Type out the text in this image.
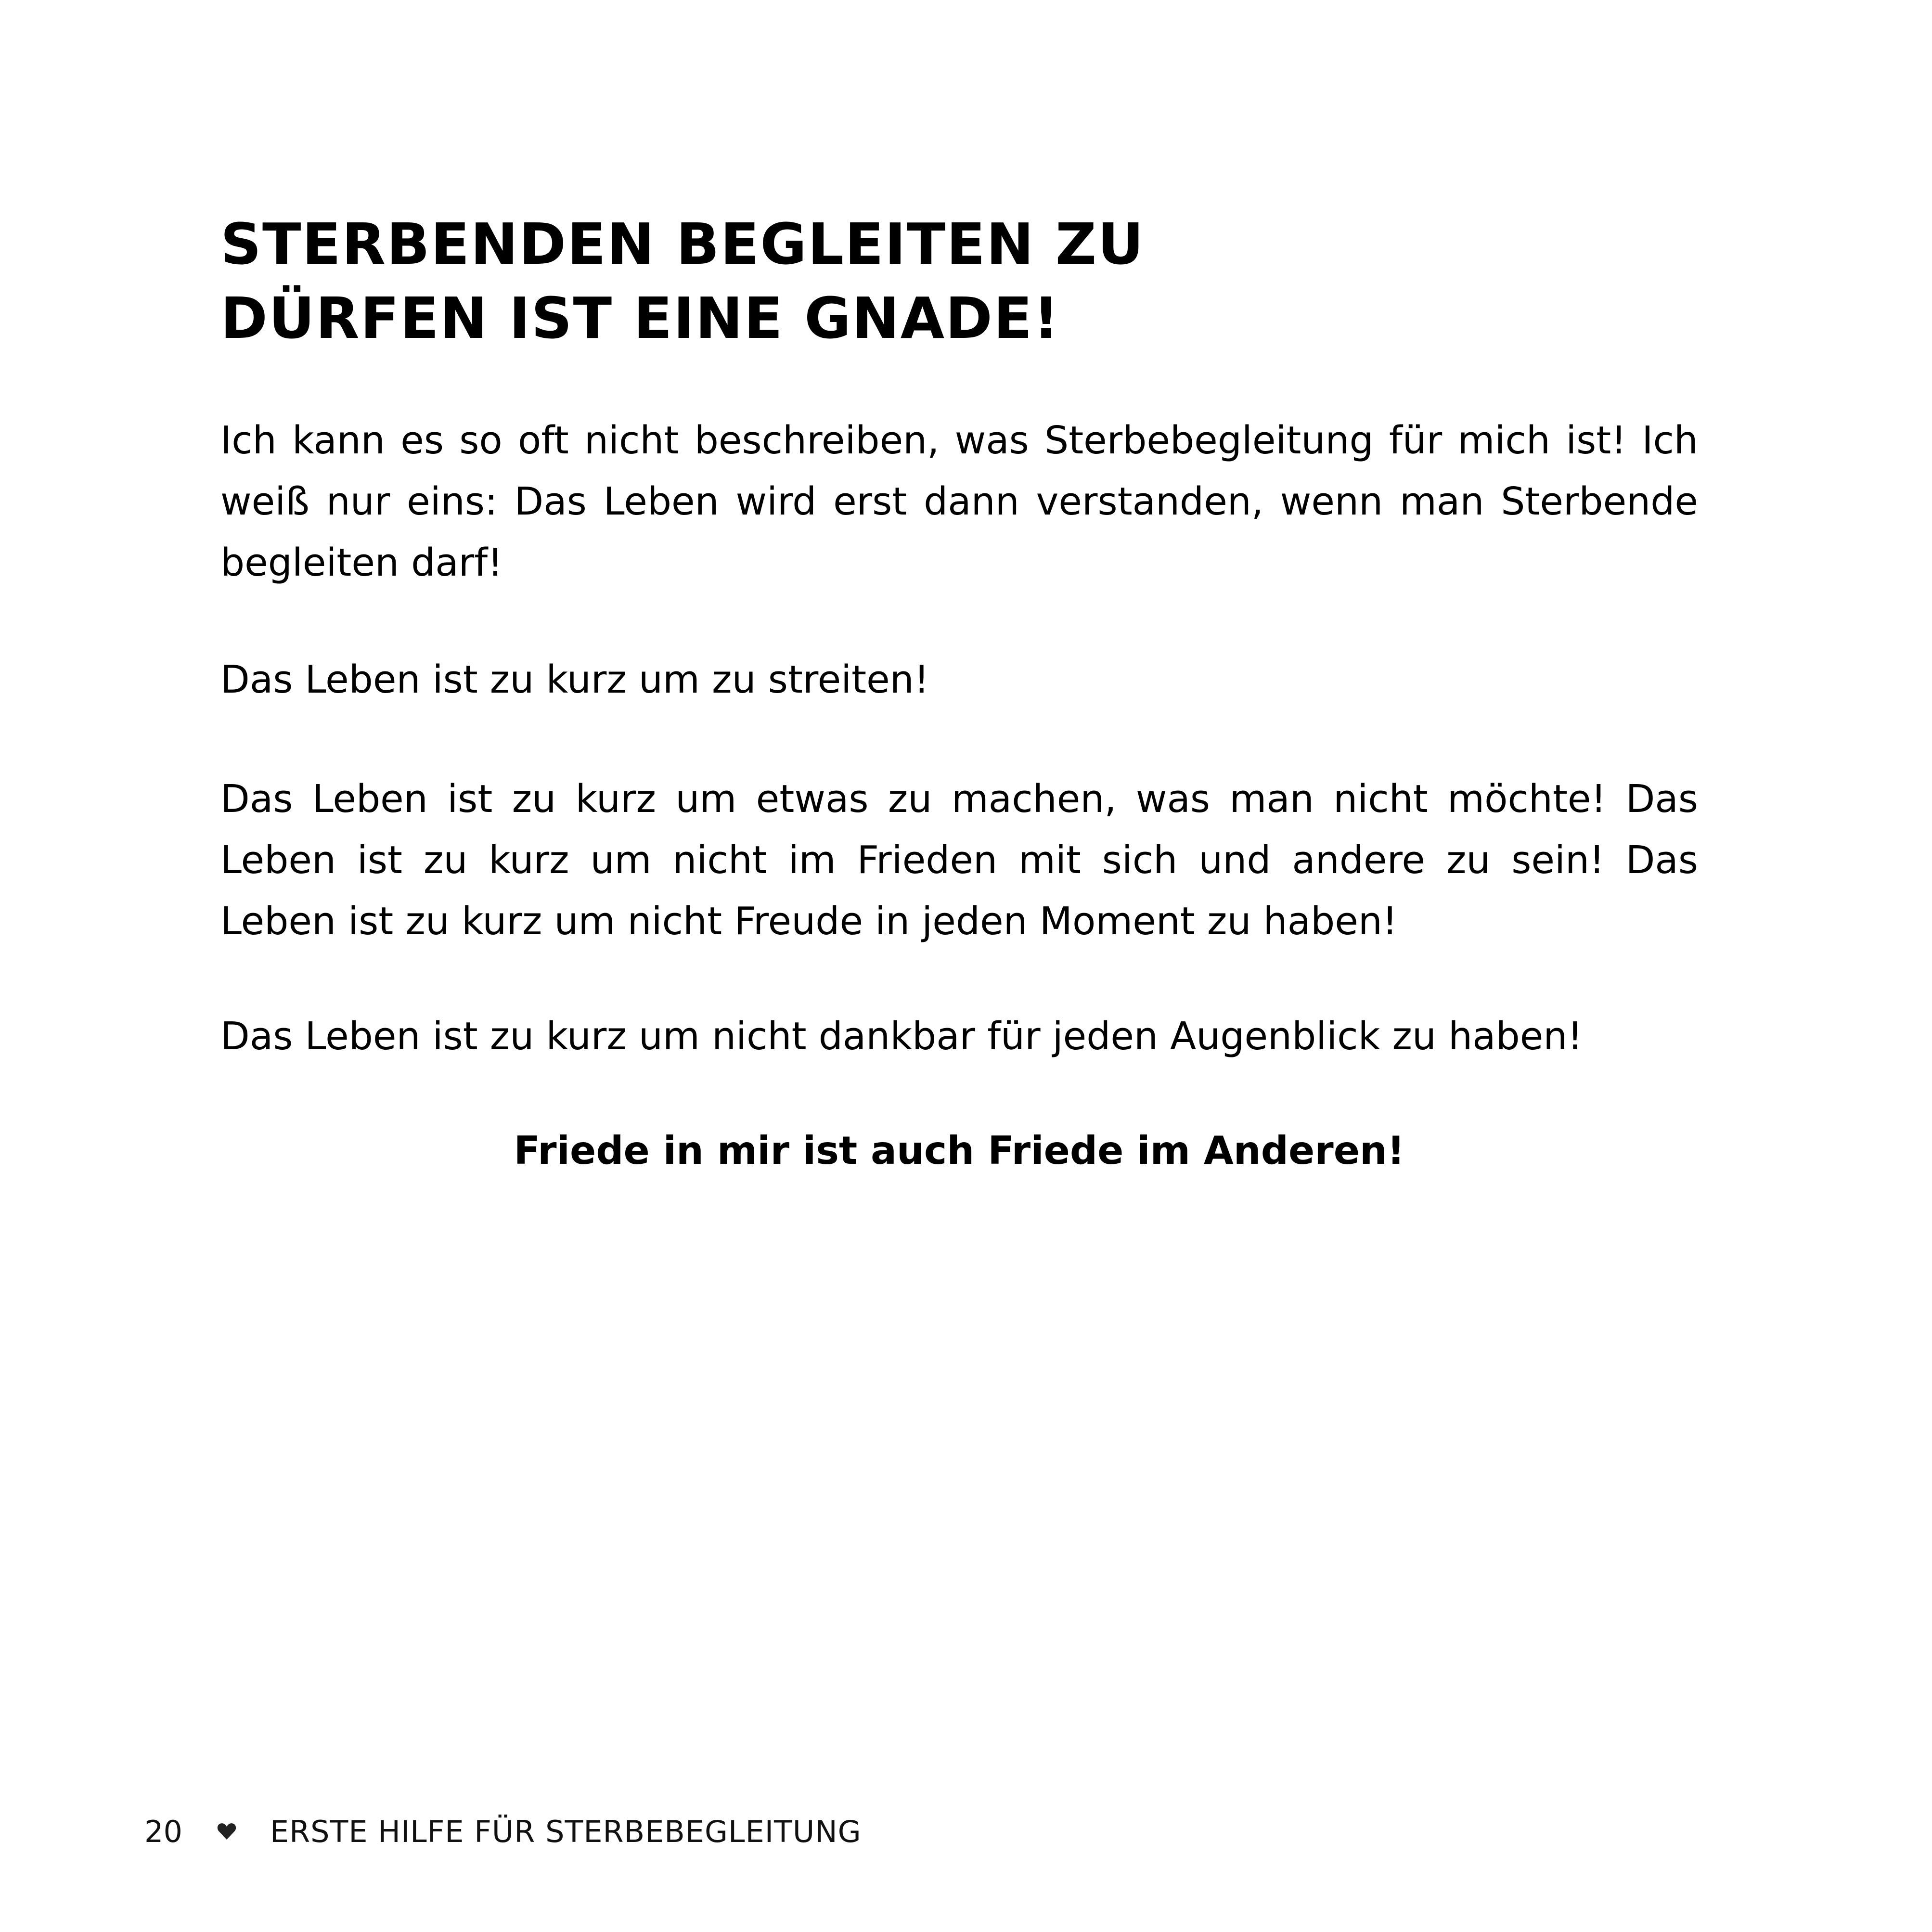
STERBENDEN BEGLEITEN ZU
DÜRFEN IST EINE GNADE!

Ich kann es so oft nicht beschreiben, was Sterbebegleitung für mich ist! Ich weiß nur eins: Das Leben wird erst dann verstanden, wenn man Sterbende begleiten darf!

Das Leben ist zu kurz um zu streiten!

Das Leben ist zu kurz um etwas zu machen, was man nicht möchte! Das Leben ist zu kurz um nicht im Frieden mit sich und andere zu sein! Das Leben ist zu kurz um nicht Freude in jeden Moment zu haben!

Das Leben ist zu kurz um nicht dankbar für jeden Augenblick zu haben!

Friede in mir ist auch Friede im Anderen!

20	ERSTE HILFE FÜR STERBEBEGLEITUNG
